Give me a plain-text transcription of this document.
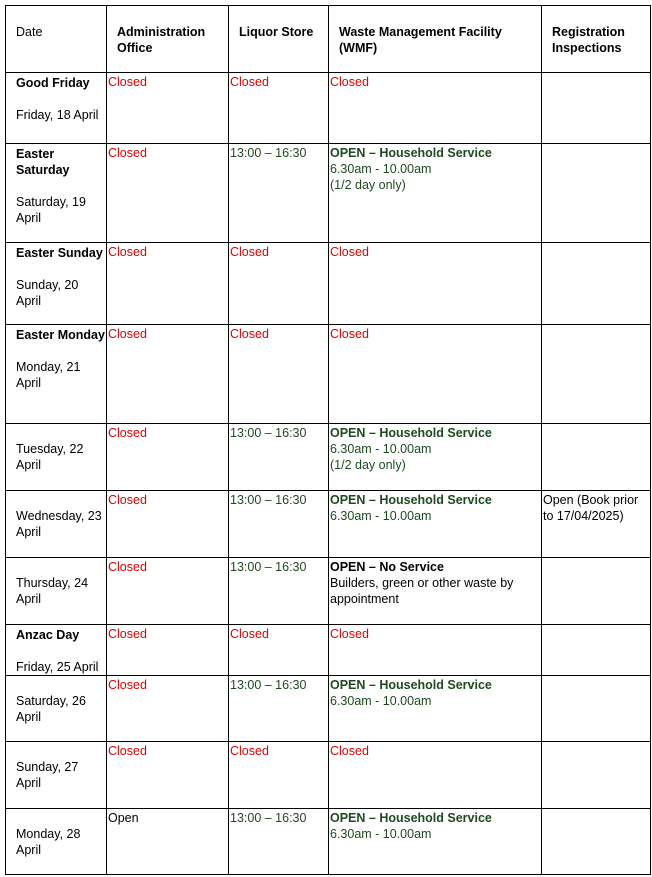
Date	Administration Office	Liquor Store	Waste Management Facility (WMF)	Registration Inspections

Good Friday
Friday, 18 April	Closed	Closed	Closed	

Easter Saturday
Saturday, 19 April	Closed	13:00 – 16:30	OPEN – Household Service
6.30am - 10.00am
(1/2 day only)	

Easter Sunday
Sunday, 20 April	Closed	Closed	Closed	

Easter Monday
Monday, 21 April	Closed	Closed	Closed	

Tuesday, 22 April	Closed	13:00 – 16:30	OPEN – Household Service
6.30am - 10.00am
(1/2 day only)	

Wednesday, 23 April	Closed	13:00 – 16:30	OPEN – Household Service
6.30am - 10.00am	Open (Book prior to 17/04/2025)

Thursday, 24 April	Closed	13:00 – 16:30	OPEN – No Service
Builders, green or other waste by appointment	

Anzac Day
Friday, 25 April	Closed	Closed	Closed	

Saturday, 26 April	Closed	13:00 – 16:30	OPEN – Household Service
6.30am - 10.00am	

Sunday, 27 April	Closed	Closed	Closed	

Monday, 28 April	Open	13:00 – 16:30	OPEN – Household Service
6.30am - 10.00am	
